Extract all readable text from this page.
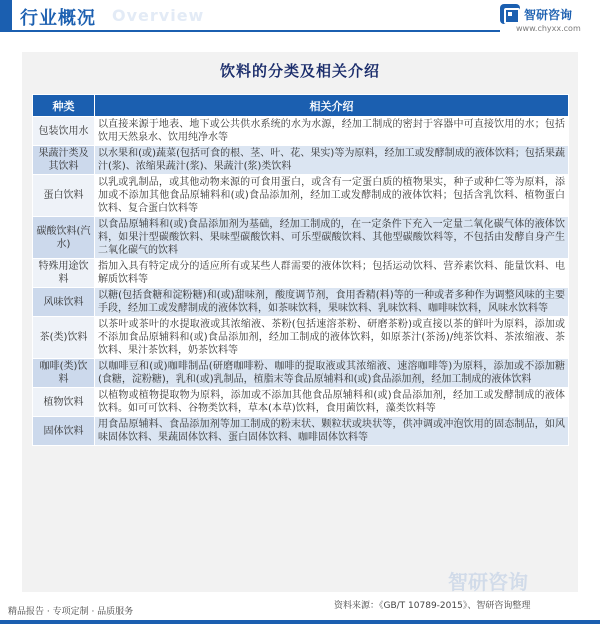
Overview
行业概况	智研咨询
www.chyxx.com
饮料的分类及相关介绍
种类	相关介绍
包装饮用水	以直接来源于地表、地下或公共供水系统的水为水源，经加工制成的密封于容器中可直接饮用的水；包括饮用天然泉水、饮用纯净水等
果蔬汁类及其饮料	以水果和(或)蔬菜(包括可食的根、茎、叶、花、果实)等为原料，经加工或发酵制成的液体饮料；包括果蔬汁(浆)、浓缩果蔬汁(浆)、果蔬汁(浆)类饮料
蛋白饮料	以乳或乳制品，或其他动物来源的可食用蛋白，或含有一定蛋白质的植物果实，种子或种仁等为原料，添加或不添加其他食品原辅料和(或)食品添加剂，经加工或发酵制成的液体饮料；包括含乳饮料、植物蛋白饮料、复合蛋白饮料等
碳酸饮料(汽水)	以食品原辅料和(或)食品添加剂为基础，经加工制成的，在一定条件下充入一定量二氧化碳气体的液体饮料，如果汁型碳酸饮料、果味型碳酸饮料、可乐型碳酸饮料、其他型碳酸饮料等，不包括由发酵自身产生二氧化碳气的饮料
特殊用途饮料	指加入具有特定成分的适应所有或某些人群需要的液体饮料；包括运动饮料、营养素饮料、能量饮料、电解质饮料等
风味饮料	以糖(包括食糖和淀粉糖)和(或)甜味剂，酸度调节剂，食用香精(料)等的一种或者多种作为调整风味的主要手段，经加工或发酵制成的液体饮料，如茶味饮料，果味饮料、乳味饮料、咖啡味饮料，风味水饮料等
茶(类)饮料	以茶叶或茶叶的水提取液或其浓缩液、茶粉(包括速溶茶粉、研磨茶粉)或直接以茶的鲜叶为原料，添加或不添加食品原辅料和(或)食品添加剂，经加工制成的液体饮料，如原茶汁(茶汤)/纯茶饮料、茶浓缩液、茶饮料、果汁茶饮料，奶茶饮料等
咖啡(类)饮料	以咖啡豆和(或)咖啡制品(研磨咖啡粉、咖啡的提取液或其浓缩液、速溶咖啡等)为原料，添加或不添加糖(食糖，淀粉糖)，乳和(或)乳制品，植脂末等食品原辅料和(或)食品添加剂，经加工制成的液体饮料
植物饮料	以植物或植物提取物为原料，添加或不添加其他食品原辅料和(或)食品添加剂，经加工或发酵制成的液体饮料。如可可饮料、谷物类饮料，草本(本草)饮料，食用菌饮料，藻类饮料等
固体饮料	用食品原辅料、食品添加剂等加工制成的粉末状、颗粒状或块状等，供冲调或冲泡饮用的固态制品，如风味固体饮料、果蔬固体饮料、蛋白固体饮料、咖啡固体饮料等
智研咨询
资料来源：《GB/T 10789-2015》、智研咨询整理
精品报告 · 专项定制 · 品质服务
